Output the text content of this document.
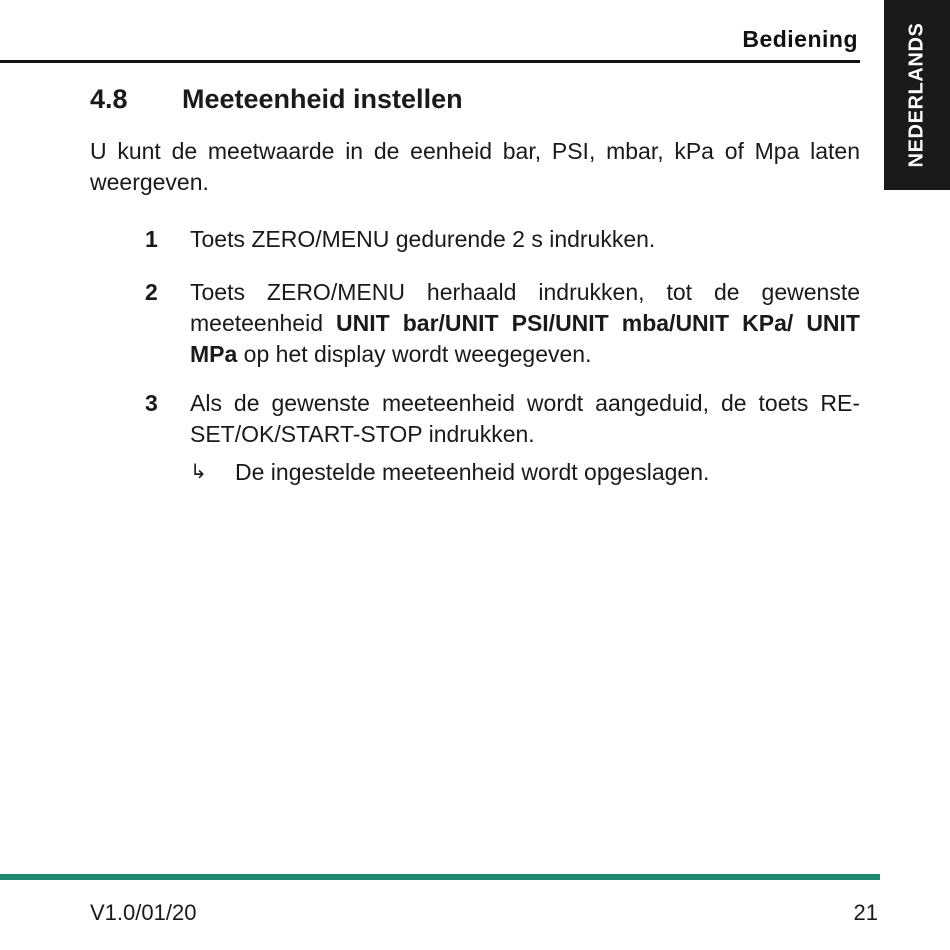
Bediening NEDERLANDS
4.8 Meeteenheid instellen

U kunt de meetwaarde in de eenheid bar, PSI, mbar, kPa of Mpa laten weergeven.

1 Toets ZERO/MENU gedurende 2 s indrukken.
2 Toets ZERO/MENU herhaald indrukken, tot de gewenste meeteenheid UNIT bar/UNIT PSI/UNIT mba/UNIT KPa/ UNIT MPa op het display wordt weegegeven.
3 Als de gewenste meeteenheid wordt aangeduid, de toets RE-SET/OK/START-STOP indrukken.
↳ De ingestelde meeteenheid wordt opgeslagen.
V1.0/01/20	21
